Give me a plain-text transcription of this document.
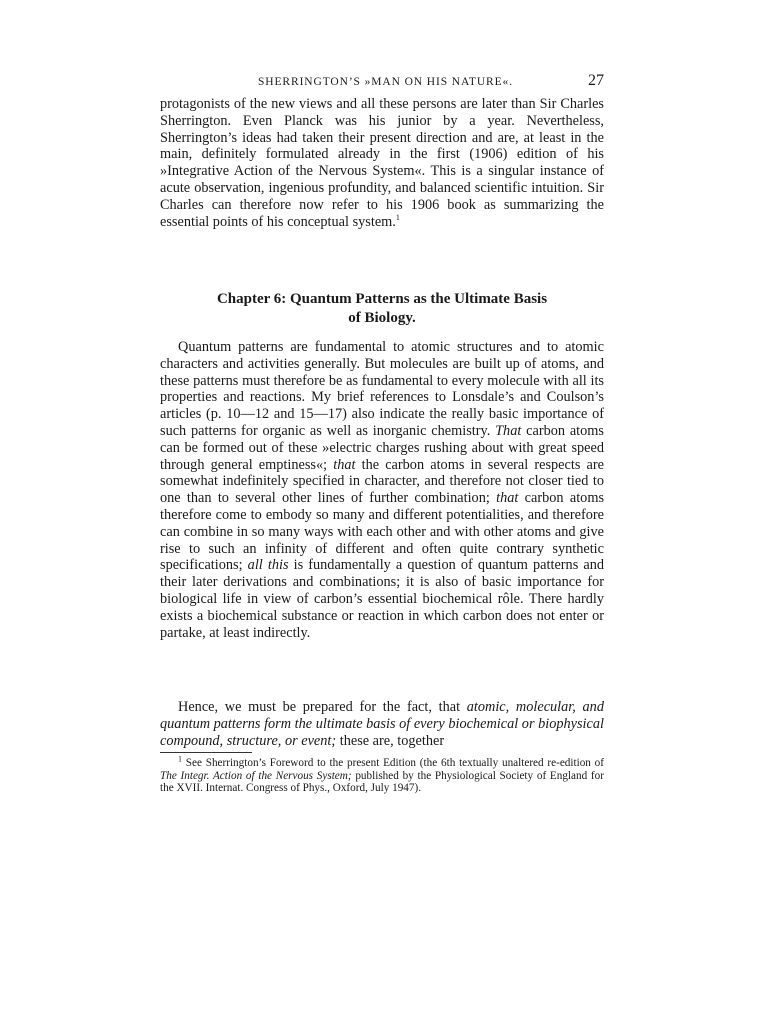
SHERRINGTON’S »MAN ON HIS NATURE«.	27

protagonists of the new views and all these persons are later than Sir Charles Sherrington. Even Planck was his junior by a year. Nevertheless, Sherrington’s ideas had taken their present direction and are, at least in the main, definitely formulated already in the first (1906) edition of his »Integrative Action of the Nervous System«. This is a singular instance of acute observation, ingenious profundity, and balanced scientific intuition. Sir Charles can therefore now refer to his 1906 book as summarizing the essential points of his conceptual system.$^1$

Chapter 6: Quantum Patterns as the Ultimate Basis
of Biology.

Quantum patterns are fundamental to atomic structures and to atomic characters and activities generally. But molecules are built up of atoms, and these patterns must therefore be as fundamental to every molecule with all its properties and reactions. My brief references to Lonsdale’s and Coulson’s articles (p. 10—12 and 15—17) also indicate the really basic importance of such patterns for organic as well as inorganic chemistry. That carbon atoms can be formed out of these »electric charges rushing about with great speed through general emptiness«; that the carbon atoms in several respects are somewhat indefinitely specified in character, and therefore not closer tied to one than to several other lines of further combination; that carbon atoms therefore come to embody so many and different potentialities, and therefore can combine in so many ways with each other and with other atoms and give rise to such an infinity of different and often quite contrary synthetic specifications; all this is fundamentally a question of quantum patterns and their later derivations and combinations; it is also of basic importance for biological life in view of carbon’s essential biochemical rôle. There hardly exists a biochemical substance or reaction in which carbon does not enter or partake, at least indirectly.

Hence, we must be prepared for the fact, that atomic, molecular, and quantum patterns form the ultimate basis of every biochemical or biophysical compound, structure, or event; these are, together

$^1$ See Sherrington’s Foreword to the present Edition (the 6th textually unaltered re-edition of The Integr. Action of the Nervous System; published by the Physiological Society of England for the XVII. Internat. Congress of Phys., Oxford, July 1947).
